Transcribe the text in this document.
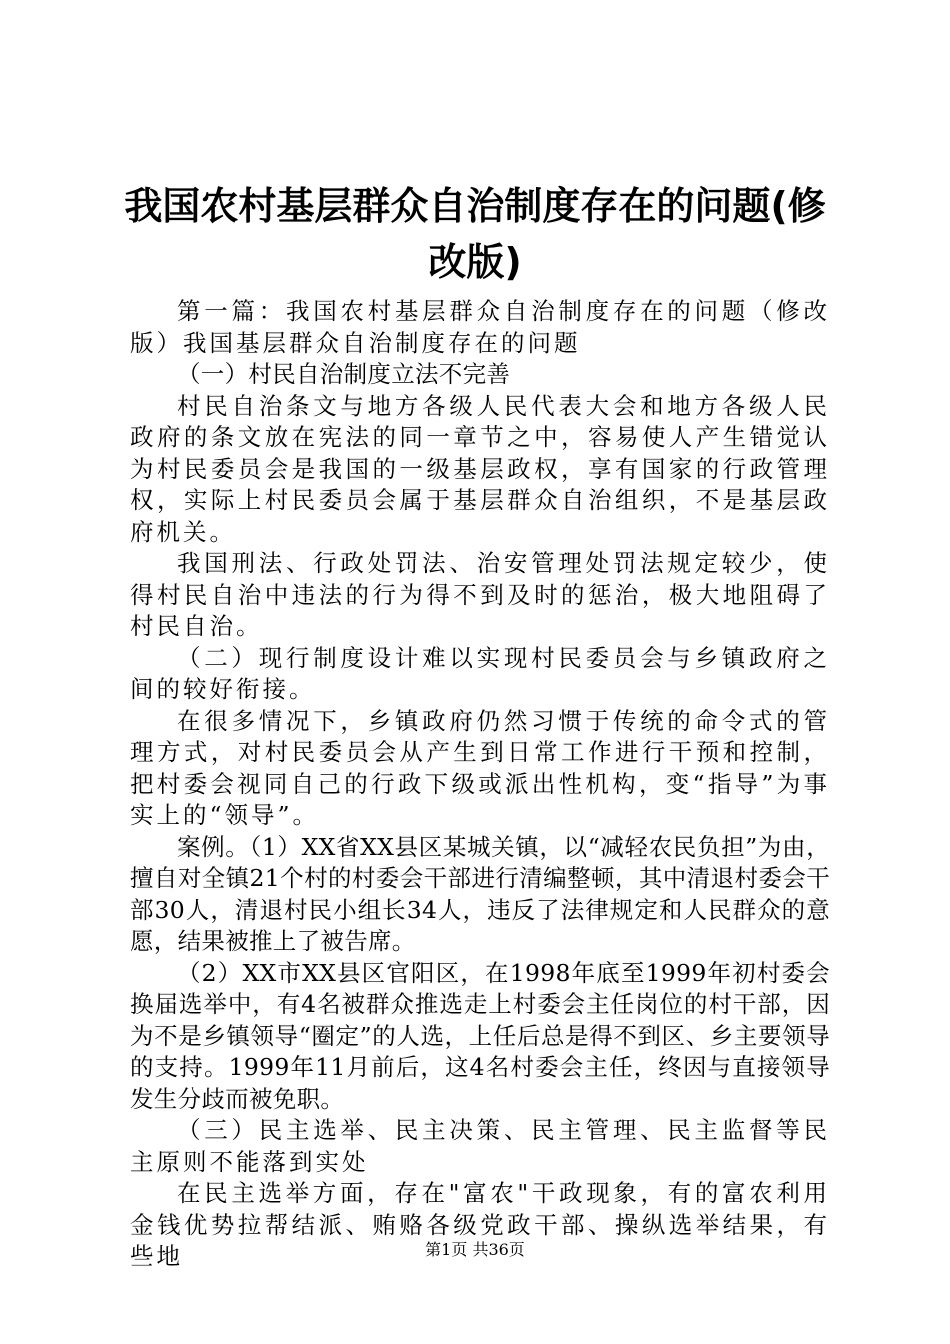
我国农村基层群众自治制度存在的问题(修改版)

第一篇：我国农村基层群众自治制度存在的问题（修改版）我国基层群众自治制度存在的问题

（一）村民自治制度立法不完善

村民自治条文与地方各级人民代表大会和地方各级人民政府的条文放在宪法的同一章节之中，容易使人产生错觉认为村民委员会是我国的一级基层政权，享有国家的行政管理权，实际上村民委员会属于基层群众自治组织，不是基层政府机关。

我国刑法、行政处罚法、治安管理处罚法规定较少，使得村民自治中违法的行为得不到及时的惩治，极大地阻碍了村民自治。

（二）现行制度设计难以实现村民委员会与乡镇政府之间的较好衔接。

在很多情况下，乡镇政府仍然习惯于传统的命令式的管理方式，对村民委员会从产生到日常工作进行干预和控制，把村委会视同自己的行政下级或派出性机构，变“指导”为事实上的“领导”。

案例。（1）XX省XX县区某城关镇，以“减轻农民负担”为由，擅自对全镇21个村的村委会干部进行清编整顿，其中清退村委会干部30人，清退村民小组长34人，违反了法律规定和人民群众的意愿，结果被推上了被告席。

（2）XX市XX县区官阳区，在1998年底至1999年初村委会换届选举中，有4名被群众推选走上村委会主任岗位的村干部，因为不是乡镇领导“圈定”的人选，上任后总是得不到区、乡主要领导的支持。1999年11月前后，这4名村委会主任，终因与直接领导发生分歧而被免职。

（三）民主选举、民主决策、民主管理、民主监督等民主原则不能落到实处

在民主选举方面，存在"富农"干政现象，有的富农利用金钱优势拉帮结派、贿赂各级党政干部、操纵选举结果，有些地	第1页 共36页
